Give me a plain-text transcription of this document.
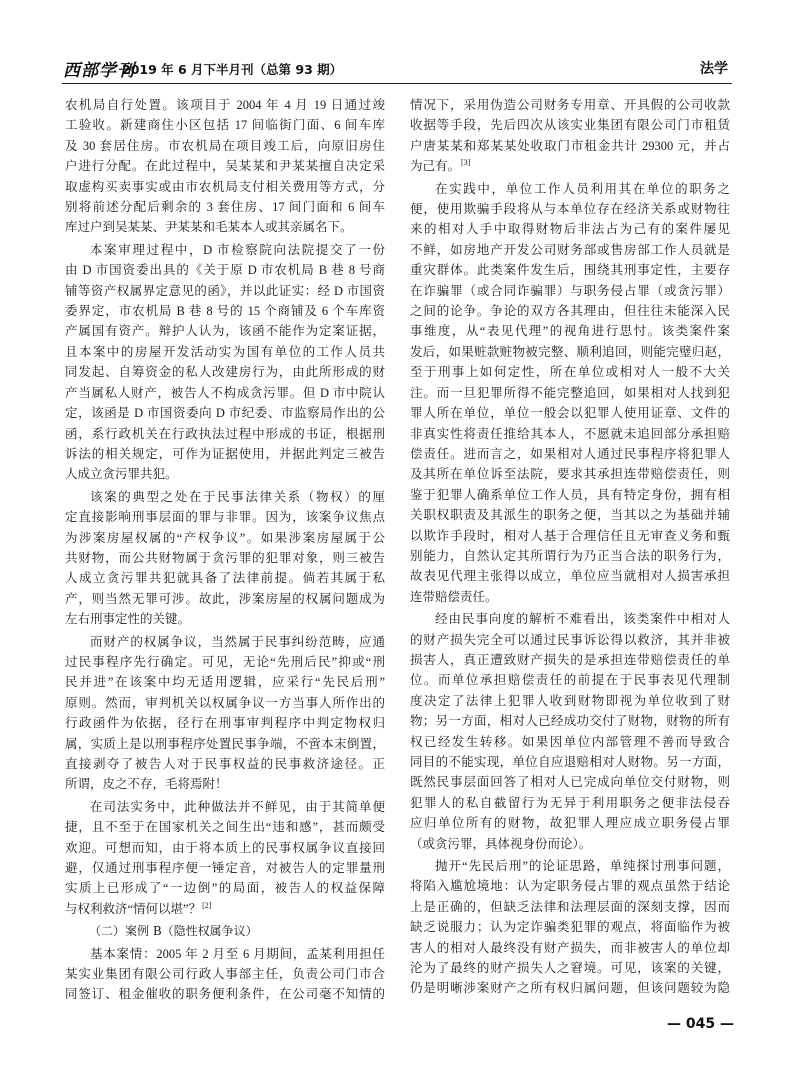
西部学刊
2019 年 6 月下半月刊（总第 93 期）	法学
农机局自行处置。该项目于 2004 年 4 月 19 日通过竣
工验收。新建商住小区包括 17 间临街门面、6 间车库
及 30 套居住房。市农机局在项目竣工后，向原旧房住
户进行分配。在此过程中，吴某某和尹某某擅自决定采
取虚构买卖事实或由市农机局支付相关费用等方式，分
别将前述分配后剩余的 3 套住房、17 间门面和 6 间车
库过户到吴某某、尹某某和毛某本人或其亲属名下。
本案审理过程中，D 市检察院向法院提交了一份
由 D 市国资委出具的《关于原 D 市农机局 B 巷 8 号商
铺等资产权属界定意见的函》，并以此证实：经 D 市国资
委界定，市农机局 B 巷 8 号的 15 个商铺及 6 个车库资
产属国有资产。辩护人认为，该函不能作为定案证据，
且本案中的房屋开发活动实为国有单位的工作人员共
同发起、自筹资金的私人改建房行为，由此所形成的财
产当属私人财产，被告人不构成贪污罪。但 D 市中院认
定，该函是 D 市国资委向 D 市纪委、市监察局作出的公
函，系行政机关在行政执法过程中形成的书证，根据刑
诉法的相关规定，可作为证据使用，并据此判定三被告
人成立贪污罪共犯。
该案的典型之处在于民事法律关系（物权）的厘
定直接影响刑事层面的罪与非罪。因为，该案争议焦点
为涉案房屋权属的“产权争议”。如果涉案房屋属于公
共财物，而公共财物属于贪污罪的犯罪对象，则三被告
人成立贪污罪共犯就具备了法律前提。倘若其属于私
产，则当然无罪可涉。故此，涉案房屋的权属问题成为
左右刑事定性的关键。
而财产的权属争议，当然属于民事纠纷范畴，应通
过民事程序先行确定。可见，无论“先刑后民”抑或“刑
民并进”在该案中均无适用逻辑，应采行“先民后刑”
原则。然而，审判机关以权属争议一方当事人所作出的
行政函件为依据，径行在刑事审判程序中判定物权归
属，实质上是以刑事程序处置民事争端，不啻本末倒置，
直接剥夺了被告人对于民事权益的民事救济途径。正
所谓，皮之不存，毛将焉附！
在司法实务中，此种做法并不鲜见，由于其简单便
捷，且不至于在国家机关之间生出“违和感”，甚而颇受
欢迎。可想而知，由于将本质上的民事权属争议直接回
避，仅通过刑事程序便一锤定音，对被告人的定罪量刑
实质上已形成了“一边倒”的局面，被告人的权益保障
与权利救济“情何以堪”？[2]
（二）案例 B（隐性权属争议）
基本案情：2005 年 2 月至 6 月期间，孟某利用担任
某实业集团有限公司行政人事部主任，负责公司门市合
同签订、租金催收的职务便利条件，在公司毫不知情的
情况下，采用伪造公司财务专用章、开具假的公司收款
收据等手段，先后四次从该实业集团有限公司门市租赁
户唐某某和郑某某处收取门市租金共计 29300 元，并占
为己有。[3]
在实践中，单位工作人员利用其在单位的职务之
便，使用欺骗手段将从与本单位存在经济关系或财物往
来的相对人手中取得财物后非法占为己有的案件屡见
不鲜，如房地产开发公司财务部或售房部工作人员就是
重灾群体。此类案件发生后，围绕其刑事定性，主要存
在诈骗罪（或合同诈骗罪）与职务侵占罪（或贪污罪）
之间的论争。争论的双方各其理由，但往往未能深入民
事维度，从“表见代理”的视角进行思忖。该类案件案
发后，如果赃款赃物被完整、顺利追回，则能完璧归赵，
至于刑事上如何定性，所在单位或相对人一般不大关
注。而一旦犯罪所得不能完整追回，如果相对人找到犯
罪人所在单位，单位一般会以犯罪人使用证章、文件的
非真实性将责任推给其本人，不愿就未追回部分承担赔
偿责任。进而言之，如果相对人通过民事程序将犯罪人
及其所在单位诉至法院，要求其承担连带赔偿责任，则
鉴于犯罪人确系单位工作人员，具有特定身份，拥有相
关职权职责及其派生的职务之便，当其以之为基础并辅
以欺诈手段时，相对人基于合理信任且无审查义务和甄
别能力，自然认定其所谓行为乃正当合法的职务行为，
故表见代理主张得以成立，单位应当就相对人损害承担
连带赔偿责任。
经由民事向度的解析不难看出，该类案件中相对人
的财产损失完全可以通过民事诉讼得以救济，其并非被
损害人，真正遭致财产损失的是承担连带赔偿责任的单
位。而单位承担赔偿责任的前提在于民事表见代理制
度决定了法律上犯罪人收到财物即视为单位收到了财
物；另一方面，相对人已经成功交付了财物，财物的所有
权已经发生转移。如果因单位内部管理不善而导致合
同目的不能实现，单位自应退赔相对人财物。另一方面，
既然民事层面回答了相对人已完成向单位交付财物，则
犯罪人的私自截留行为无异于利用职务之便非法侵吞
应归单位所有的财物，故犯罪人理应成立职务侵占罪
（或贪污罪，具体视身份而论）。
抛开“先民后刑”的论证思路，单纯探讨刑事问题，
将陷入尴尬境地：认为定职务侵占罪的观点虽然于结论
上是正确的，但缺乏法律和法理层面的深刻支撑，因而
缺乏说服力；认为定诈骗类犯罪的观点，将面临作为被
害人的相对人最终没有财产损失，而非被害人的单位却
沦为了最终的财产损失人之窘境。可见，该案的关键，
仍是明晰涉案财产之所有权归属问题，但该问题较为隐
— 045 —
